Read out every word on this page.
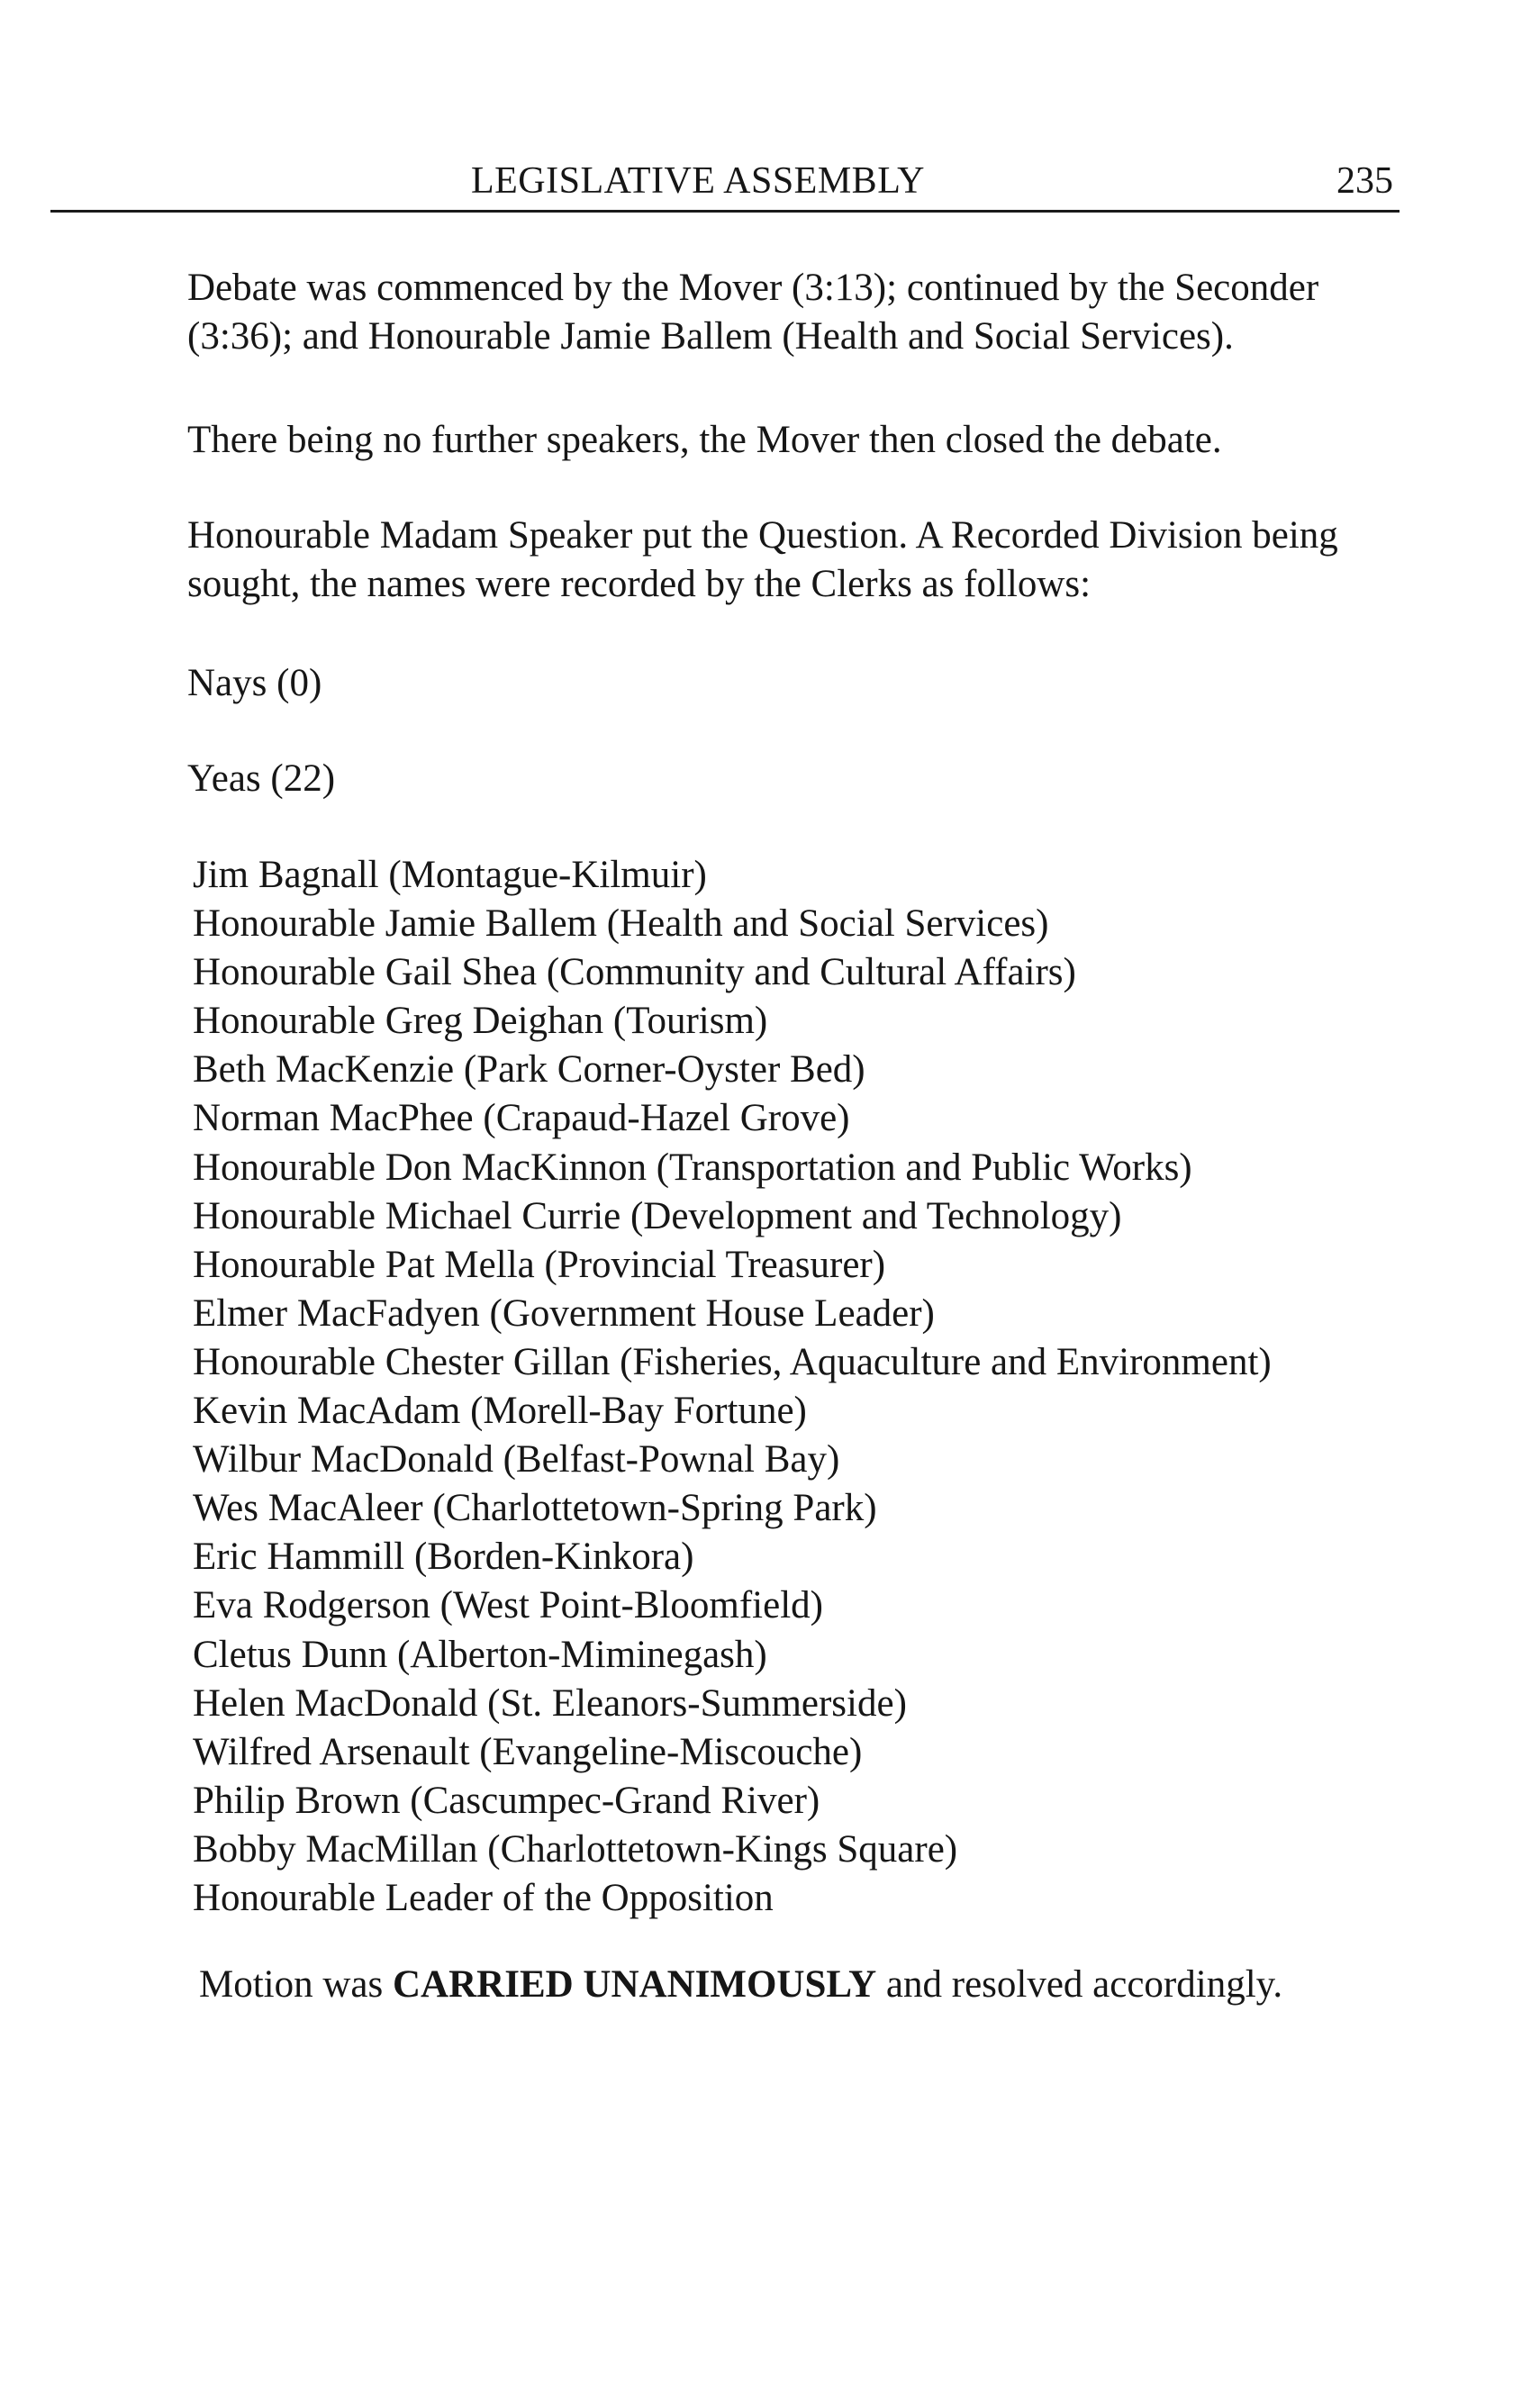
LEGISLATIVE ASSEMBLY	235
Debate was commenced by the Mover (3:13); continued by the Seconder
(3:36); and Honourable Jamie Ballem (Health and Social Services).
There being no further speakers, the Mover then closed the debate.
Honourable Madam Speaker put the Question. A Recorded Division being
sought, the names were recorded by the Clerks as follows:
Nays (0)
Yeas (22)
Jim Bagnall (Montague-Kilmuir)
Honourable Jamie Ballem (Health and Social Services)
Honourable Gail Shea (Community and Cultural Affairs)
Honourable Greg Deighan (Tourism)
Beth MacKenzie (Park Corner-Oyster Bed)
Norman MacPhee (Crapaud-Hazel Grove)
Honourable Don MacKinnon (Transportation and Public Works)
Honourable Michael Currie (Development and Technology)
Honourable Pat Mella (Provincial Treasurer)
Elmer MacFadyen (Government House Leader)
Honourable Chester Gillan (Fisheries, Aquaculture and Environment)
Kevin MacAdam (Morell-Bay Fortune)
Wilbur MacDonald (Belfast-Pownal Bay)
Wes MacAleer (Charlottetown-Spring Park)
Eric Hammill (Borden-Kinkora)
Eva Rodgerson (West Point-Bloomfield)
Cletus Dunn (Alberton-Miminegash)
Helen MacDonald (St. Eleanors-Summerside)
Wilfred Arsenault (Evangeline-Miscouche)
Philip Brown (Cascumpec-Grand River)
Bobby MacMillan (Charlottetown-Kings Square)
Honourable Leader of the Opposition
Motion was CARRIED UNANIMOUSLY and resolved accordingly.
